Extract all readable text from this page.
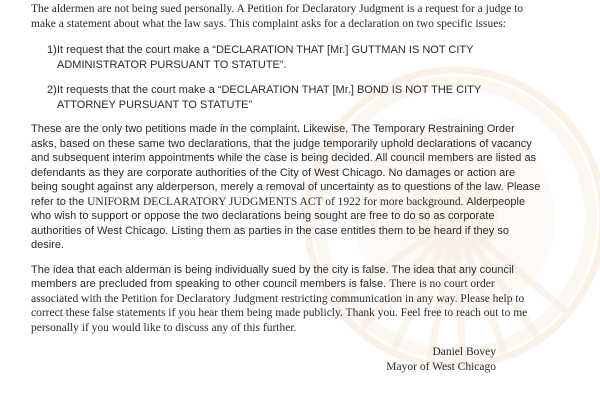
The aldermen are not being sued personally. A Petition for Declaratory Judgment is a request for a judge to make a statement about what the law says. This complaint asks for a declaration on two specific issues:

1) It request that the court make a “DECLARATION THAT [Mr.] GUTTMAN IS NOT CITY ADMINISTRATOR PURSUANT TO STATUTE”.
2) It requests that the court make a “DECLARATION THAT [Mr.] BOND IS NOT THE CITY ATTORNEY PURSUANT TO STATUTE”

These are the only two petitions made in the complaint. Likewise, The Temporary Restraining Order asks, based on these same two declarations, that the judge temporarily uphold declarations of vacancy and subsequent interim appointments while the case is being decided. All council members are listed as defendants as they are corporate authorities of the City of West Chicago. No damages or action are being sought against any alderperson, merely a removal of uncertainty as to questions of the law. Please refer to the UNIFORM DECLARATORY JUDGMENTS ACT of 1922 for more background. Alderpeople who wish to support or oppose the two declarations being sought are free to do so as corporate authorities of West Chicago. Listing them as parties in the case entitles them to be heard if they so desire.

The idea that each alderman is being individually sued by the city is false. The idea that any council members are precluded from speaking to other council members is false. There is no court order associated with the Petition for Declaratory Judgment restricting communication in any way. Please help to correct these false statements if you hear them being made publicly. Thank you. Feel free to reach out to me personally if you would like to discuss any of this further.

Daniel Bovey
Mayor of West Chicago
